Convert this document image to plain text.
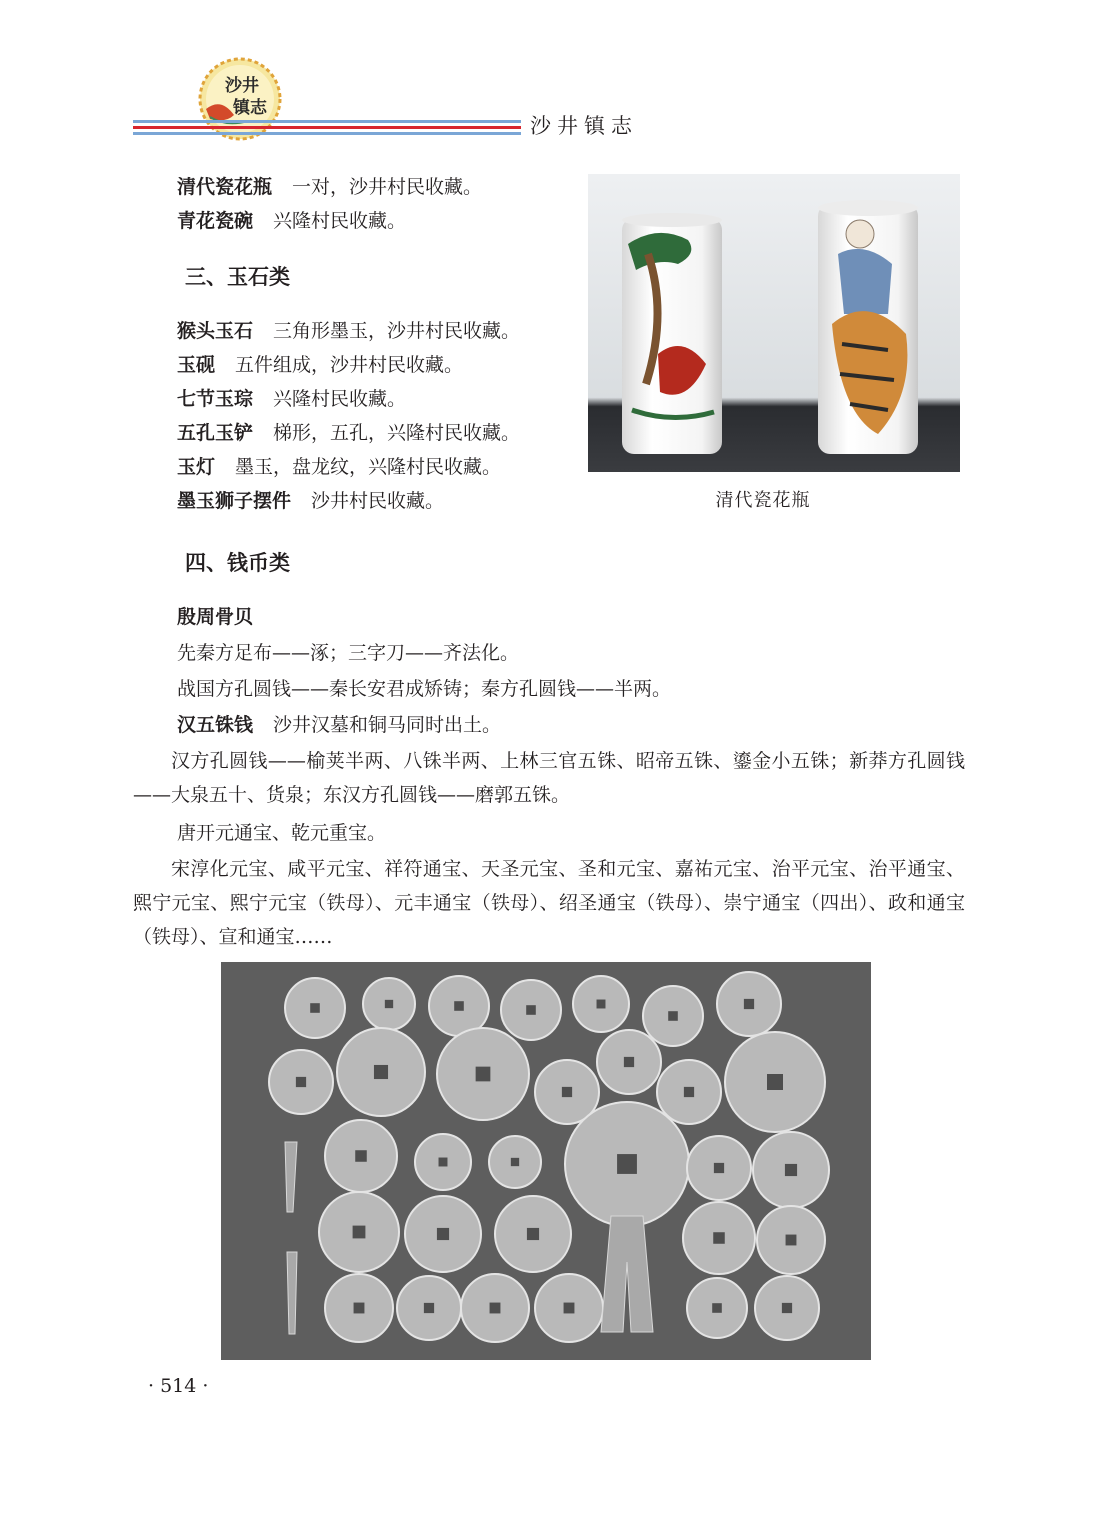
沙井
镇志
沙井镇志
清代瓷花瓶 一对，沙井村民收藏。
青花瓷碗 兴隆村民收藏。
三、玉石类
猴头玉石 三角形墨玉，沙井村民收藏。
玉砚 五件组成，沙井村民收藏。
七节玉琮 兴隆村民收藏。
五孔玉铲 梯形，五孔，兴隆村民收藏。
玉灯 墨玉，盘龙纹，兴隆村民收藏。
墨玉狮子摆件 沙井村民收藏。	清代瓷花瓶
四、钱币类
殷周骨贝
先秦方足布——涿；三字刀——齐法化。
战国方孔圆钱——秦长安君成矫铸；秦方孔圆钱——半两。
汉五铢钱 沙井汉墓和铜马同时出土。
汉方孔圆钱——榆荚半两、八铢半两、上林三官五铢、昭帝五铢、鎏金小五铢；新莽方孔圆钱——大泉五十、货泉；东汉方孔圆钱——磨郭五铢。
唐开元通宝、乾元重宝。
宋淳化元宝、咸平元宝、祥符通宝、天圣元宝、圣和元宝、嘉祐元宝、治平元宝、治平通宝、熙宁元宝、熙宁元宝（铁母）、元丰通宝（铁母）、绍圣通宝（铁母）、崇宁通宝（四出）、政和通宝（铁母）、宣和通宝……
· 514 ·
